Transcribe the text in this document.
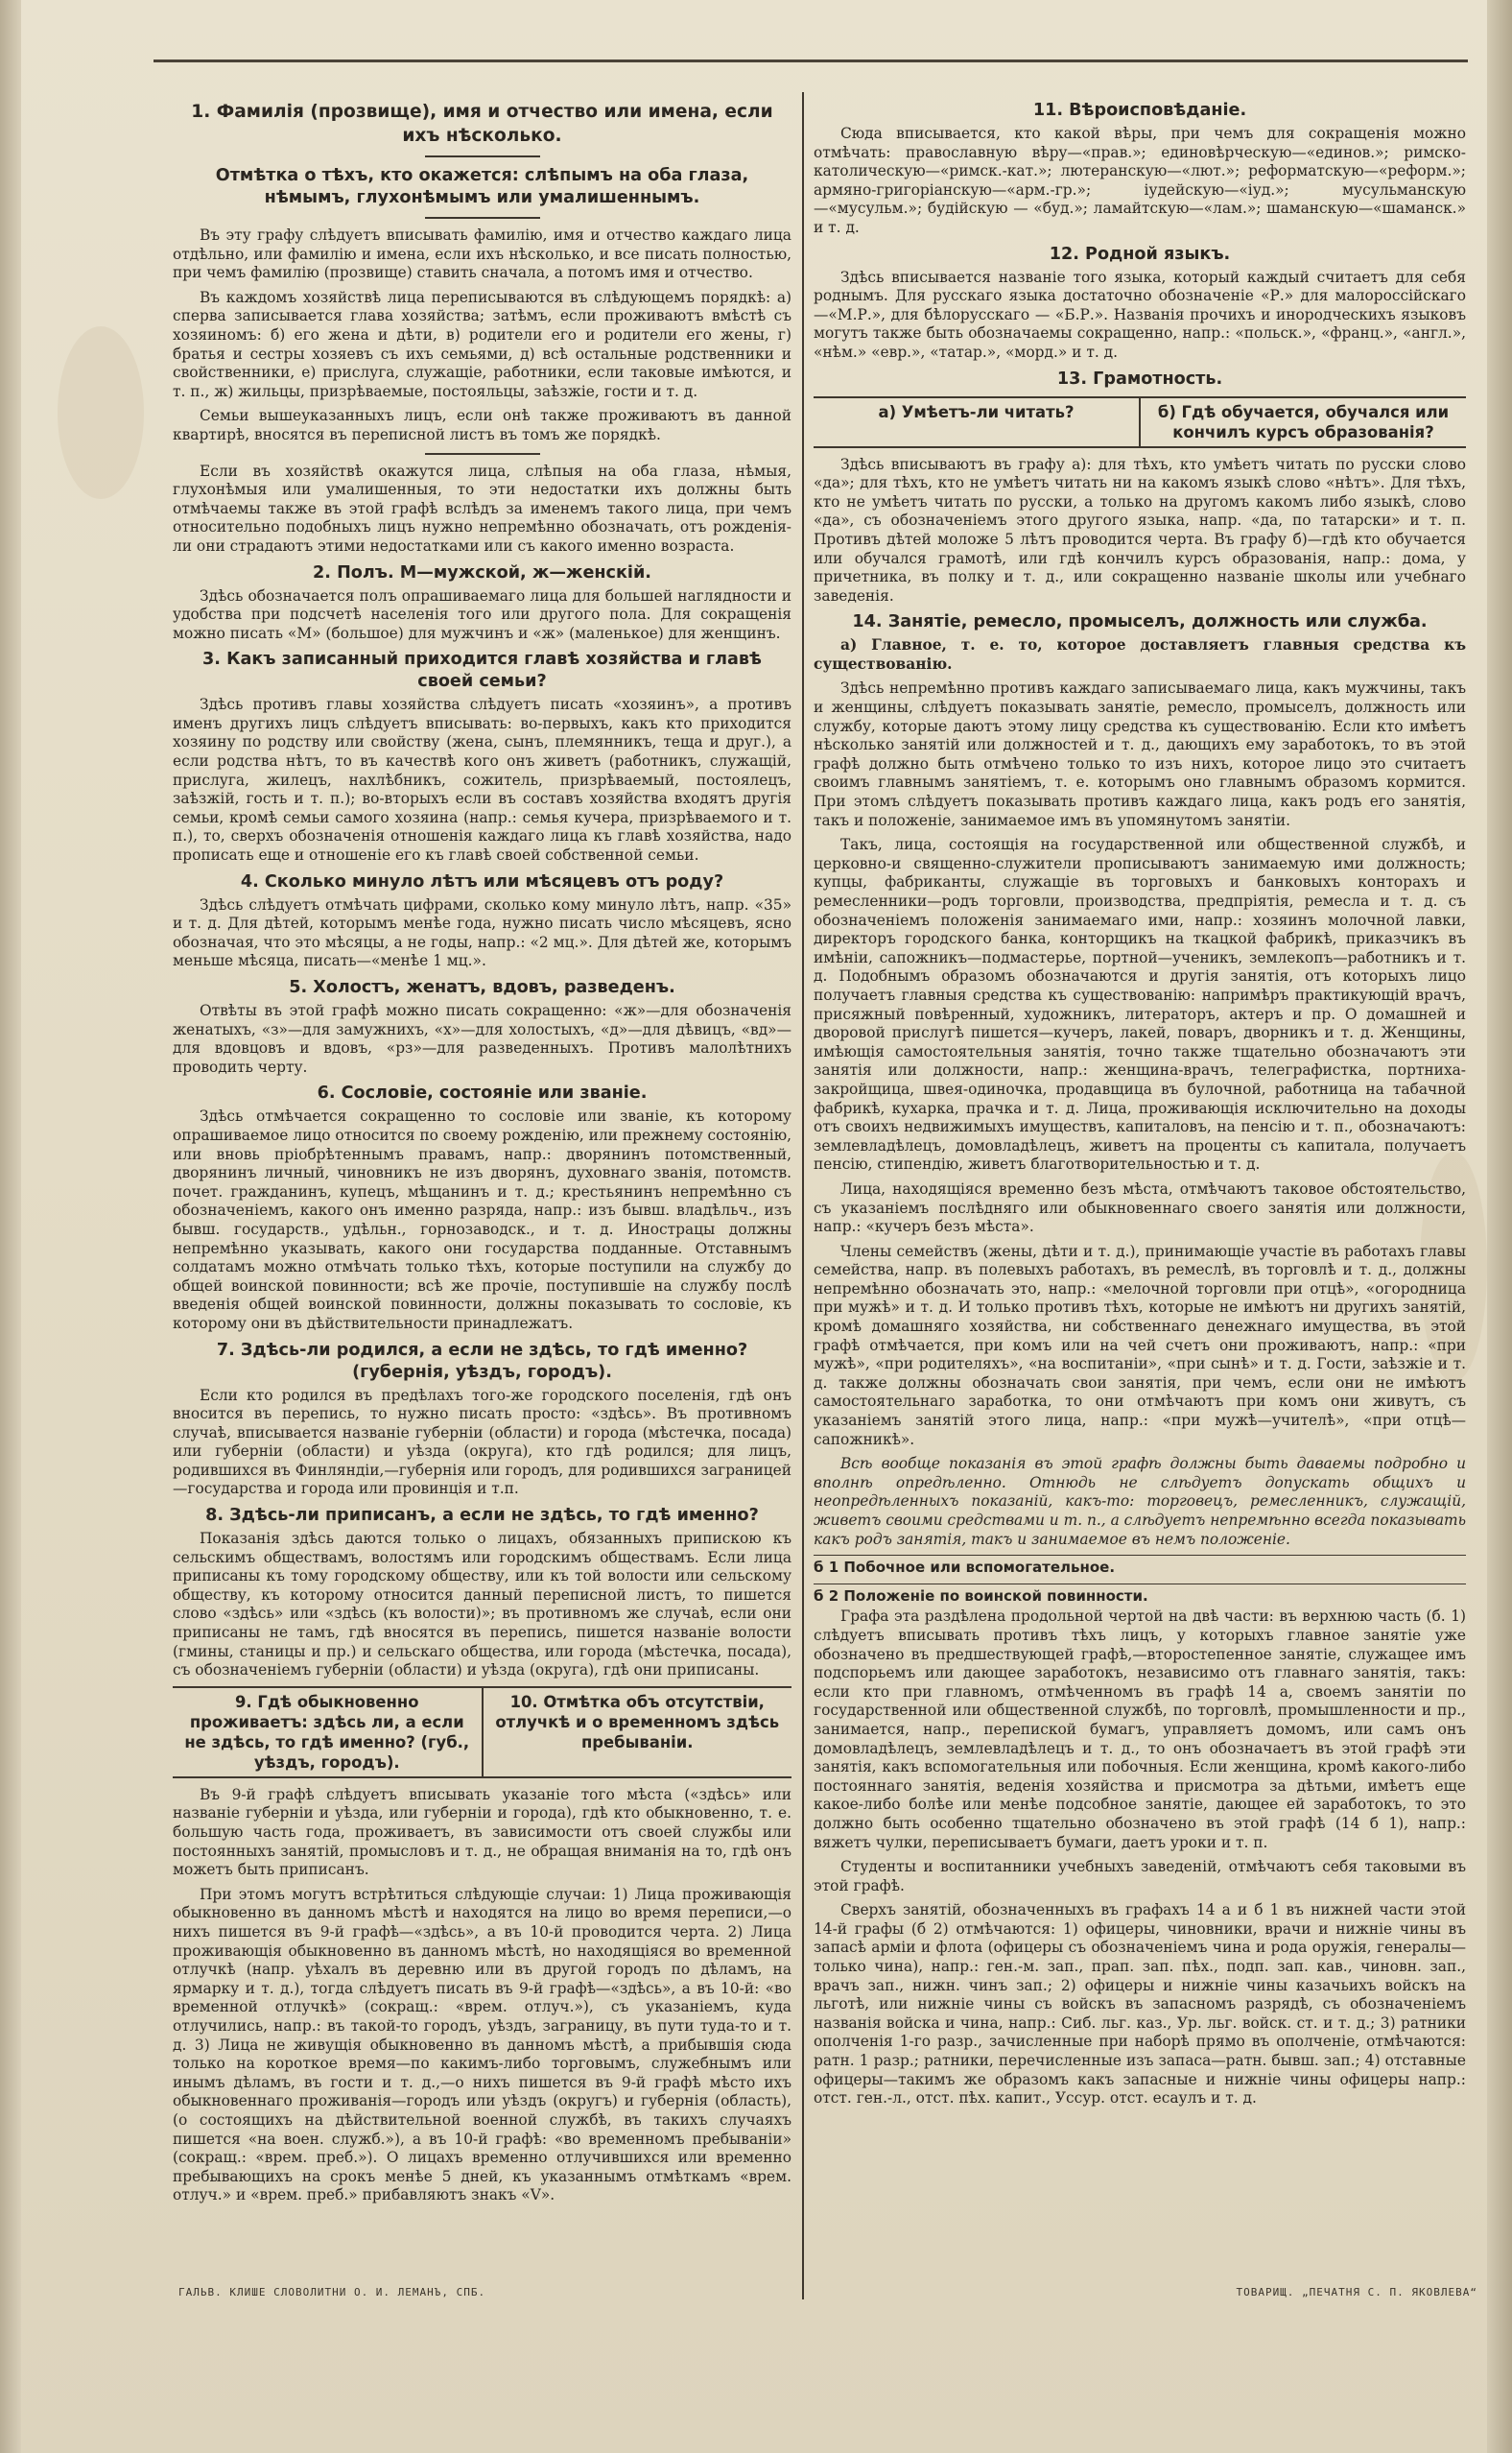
1. Фамилія (прозвище), имя и отчество или имена, если ихъ нѣсколько.
Отмѣтка о тѣхъ, кто окажется: слѣпымъ на оба глаза, нѣмымъ, глухонѣмымъ или умалишеннымъ.

Въ эту графу слѣдуетъ вписывать фамилію, имя и отчество каждаго лица отдѣльно, или фамилію и имена, если ихъ нѣсколько, и все писать полностью, при чемъ фамилію (прозвище) ставить сначала, а потомъ имя и отчество.

Въ каждомъ хозяйствѣ лица переписываются въ слѣдующемъ порядкѣ: а) сперва записывается глава хозяйства; затѣмъ, если проживаютъ вмѣстѣ съ хозяиномъ: б) его жена и дѣти, в) родители его и родители его жены, г) братья и сестры хозяевъ съ ихъ семьями, д) всѣ остальные родственники и свойственники, е) прислуга, служащіе, работники, если таковые имѣются, и т. п., ж) жильцы, призрѣваемые, постояльцы, заѣзжіе, гости и т. д.

Семьи вышеуказанныхъ лицъ, если онѣ также проживаютъ въ данной квартирѣ, вносятся въ переписной листъ въ томъ же порядкѣ.

Если въ хозяйствѣ окажутся лица, слѣпыя на оба глаза, нѣмыя, глухонѣмыя или умалишенныя, то эти недостатки ихъ должны быть отмѣчаемы также въ этой графѣ вслѣдъ за именемъ такого лица, при чемъ относительно подобныхъ лицъ нужно непремѣнно обозначать, отъ рожденія-ли они страдаютъ этими недостатками или съ какого именно возраста.

2. Полъ. М—мужской, ж—женскій.

Здѣсь обозначается полъ опрашиваемаго лица для большей наглядности и удобства при подсчетѣ населенія того или другого пола. Для сокращенія можно писать «М» (большое) для мужчинъ и «ж» (маленькое) для женщинъ.

3. Какъ записанный приходится главѣ хозяйства и главѣ своей семьи?

Здѣсь противъ главы хозяйства слѣдуетъ писать «хозяинъ», а противъ именъ другихъ лицъ слѣдуетъ вписывать: во-первыхъ, какъ кто приходится хозяину по родству или свойству (жена, сынъ, племянникъ, теща и друг.), а если родства нѣтъ, то въ качествѣ кого онъ живетъ (работникъ, служащій, прислуга, жилецъ, нахлѣбникъ, сожитель, призрѣваемый, постоялецъ, заѣзжій, гость и т. п.); во-вторыхъ если въ составъ хозяйства входятъ другія семьи, кромѣ семьи самого хозяина (напр.: семья кучера, призрѣваемого и т. п.), то, сверхъ обозначенія отношенія каждаго лица къ главѣ хозяйства, надо прописать еще и отношеніе его къ главѣ своей собственной семьи.

4. Сколько минуло лѣтъ или мѣсяцевъ отъ роду?

Здѣсь слѣдуетъ отмѣчать цифрами, сколько кому минуло лѣтъ, напр. «35» и т. д. Для дѣтей, которымъ менѣе года, нужно писать число мѣсяцевъ, ясно обозначая, что это мѣсяцы, а не годы, напр.: «2 мц.». Для дѣтей же, которымъ меньше мѣсяца, писать—«менѣе 1 мц.».

5. Холостъ, женатъ, вдовъ, разведенъ.

Отвѣты въ этой графѣ можно писать сокращенно: «ж»—для обозначенія женатыхъ, «з»—для замужнихъ, «х»—для холостыхъ, «д»—для дѣвицъ, «вд»—для вдовцовъ и вдовъ, «рз»—для разведенныхъ. Противъ малолѣтнихъ проводить черту.

6. Сословіе, состояніе или званіе.

Здѣсь отмѣчается сокращенно то сословіе или званіе, къ которому опрашиваемое лицо относится по своему рожденію, или прежнему состоянію, или вновь пріобрѣтеннымъ правамъ, напр.: дворянинъ потомственный, дворянинъ личный, чиновникъ не изъ дворянъ, духовнаго званія, потомств. почет. гражданинъ, купецъ, мѣщанинъ и т. д.; крестьянинъ непремѣнно съ обозначеніемъ, какого онъ именно разряда, напр.: изъ бывш. владѣльч., изъ бывш. государств., удѣльн., горнозаводск., и т. д. Инострацы должны непремѣнно указывать, какого они государства подданные. Отставнымъ солдатамъ можно отмѣчать только тѣхъ, которые поступили на службу до общей воинской повинности; всѣ же прочіе, поступившіе на службу послѣ введенія общей воинской повинности, должны показывать то сословіе, къ которому они въ дѣйствительности принадлежатъ.

7. Здѣсь-ли родился, а если не здѣсь, то гдѣ именно? (губернія, уѣздъ, городъ).

Если кто родился въ предѣлахъ того-же городского поселенія, гдѣ онъ вносится въ перепись, то нужно писать просто: «здѣсь». Въ противномъ случаѣ, вписывается названіе губерніи (области) и города (мѣстечка, посада) или губерніи (области) и уѣзда (округа), кто гдѣ родился; для лицъ, родившихся въ Финляндіи,—губернія или городъ, для родившихся заграницей—государства и города или провинція и т.п.

8. Здѣсь-ли приписанъ, а если не здѣсь, то гдѣ именно?

Показанія здѣсь даются только о лицахъ, обязанныхъ припискою къ сельскимъ обществамъ, волостямъ или городскимъ обществамъ. Если лица приписаны къ тому городскому обществу, или къ той волости или сельскому обществу, къ которому относится данный переписной листъ, то пишется слово «здѣсь» или «здѣсь (къ волости)»; въ противномъ же случаѣ, если они приписаны не тамъ, гдѣ вносятся въ перепись, пишется названіе волости (гмины, станицы и пр.) и сельскаго общества, или города (мѣстечка, посада), съ обозначеніемъ губерніи (области) и уѣзда (округа), гдѣ они приписаны.

9. Гдѣ обыкновенно проживаетъ: здѣсь ли, а если не здѣсь, то гдѣ именно? (губ., уѣздъ, городъ).
10. Отмѣтка объ отсутствіи, отлучкѣ и о временномъ здѣсь пребываніи.

Въ 9-й графѣ слѣдуетъ вписывать указаніе того мѣста («здѣсь» или названіе губерніи и уѣзда, или губерніи и города), гдѣ кто обыкновенно, т. е. большую часть года, проживаетъ, въ зависимости отъ своей службы или постоянныхъ занятій, промысловъ и т. д., не обращая вниманія на то, гдѣ онъ можетъ быть приписанъ.

При этомъ могутъ встрѣтиться слѣдующіе случаи: 1) Лица проживающія обыкновенно въ данномъ мѣстѣ и находятся на лицо во время переписи,—о нихъ пишется въ 9-й графѣ—«здѣсь», а въ 10-й проводится черта. 2) Лица проживающія обыкновенно въ данномъ мѣстѣ, но находящіяся во временной отлучкѣ (напр. уѣхалъ въ деревню или въ другой городъ по дѣламъ, на ярмарку и т. д.), тогда слѣдуетъ писать въ 9-й графѣ—«здѣсь», а въ 10-й: «во временной отлучкѣ» (сокращ.: «врем. отлуч.»), съ указаніемъ, куда отлучились, напр.: въ такой-то городъ, уѣздъ, заграницу, въ пути туда-то и т. д. 3) Лица не живущія обыкновенно въ данномъ мѣстѣ, а прибывшія сюда только на короткое время—по какимъ-либо торговымъ, служебнымъ или инымъ дѣламъ, въ гости и т. д.,—о нихъ пишется въ 9-й графѣ мѣсто ихъ обыкновеннаго проживанія—городъ или уѣздъ (округъ) и губернія (область), (о состоящихъ на дѣйствительной военной службѣ, въ такихъ случаяхъ пишется «на воен. служб.»), а въ 10-й графѣ: «во временномъ пребываніи» (сокращ.: «врем. преб.»). О лицахъ временно отлучившихся или временно пребывающихъ на срокъ менѣе 5 дней, къ указаннымъ отмѣткамъ «врем. отлуч.» и «врем. преб.» прибавляютъ знакъ «V».

11. Вѣроисповѣданіе.

Сюда вписывается, кто какой вѣры, при чемъ для сокращенія можно отмѣчать: православную вѣру—«прав.»; единовѣрческую—«единов.»; римско-католическую—«римск.-кат.»; лютеранскую—«лют.»; реформатскую—«реформ.»; армяно-григоріанскую—«арм.-гр.»; іудейскую—«іуд.»; мусульманскую—«мусульм.»; будійскую — «буд.»; ламайтскую—«лам.»; шаманскую—«шаманск.» и т. д.

12. Родной языкъ.

Здѣсь вписывается названіе того языка, который каждый считаетъ для себя роднымъ. Для русскаго языка достаточно обозначеніе «Р.» для малороссійскаго—«М.Р.», для бѣлорусскаго — «Б.Р.». Названія прочихъ и инородческихъ языковъ могутъ также быть обозначаемы сокращенно, напр.: «польск.», «франц.», «англ.», «нѣм.» «евр.», «татар.», «морд.» и т. д.

13. Грамотность.
а) Умѣетъ-ли читать?	б) Гдѣ обучается, обучался или кончилъ курсъ образованія?

Здѣсь вписываютъ въ графу а): для тѣхъ, кто умѣетъ читать по русски слово «да»; для тѣхъ, кто не умѣетъ читать ни на какомъ языкѣ слово «нѣтъ». Для тѣхъ, кто не умѣетъ читать по русски, а только на другомъ какомъ либо языкѣ, слово «да», съ обозначеніемъ этого другого языка, напр. «да, по татарски» и т. п. Противъ дѣтей моложе 5 лѣтъ проводится черта. Въ графу б)—гдѣ кто обучается или обучался грамотѣ, или гдѣ кончилъ курсъ образованія, напр.: дома, у причетника, въ полку и т. д., или сокращенно названіе школы или учебнаго заведенія.

14. Занятіе, ремесло, промыселъ, должность или служба.

а) Главное, т. е. то, которое доставляетъ главныя средства къ существованію.

Здѣсь непремѣнно противъ каждаго записываемаго лица, какъ мужчины, такъ и женщины, слѣдуетъ показывать занятіе, ремесло, промыселъ, должность или службу, которые даютъ этому лицу средства къ существованію. Если кто имѣетъ нѣсколько занятій или должностей и т. д., дающихъ ему заработокъ, то въ этой графѣ должно быть отмѣчено только то изъ нихъ, которое лицо это считаетъ своимъ главнымъ занятіемъ, т. е. которымъ оно главнымъ образомъ кормится. При этомъ слѣдуетъ показывать противъ каждаго лица, какъ родъ его занятія, такъ и положеніе, занимаемое имъ въ упомянутомъ занятіи.

Такъ, лица, состоящія на государственной или общественной службѣ, и церковно-и священно-служители прописываютъ занимаемую ими должность; купцы, фабриканты, служащіе въ торговыхъ и банковыхъ конторахъ и ремесленники—родъ торговли, производства, предпріятія, ремесла и т. д. съ обозначеніемъ положенія занимаемаго ими, напр.: хозяинъ молочной лавки, директоръ городского банка, конторщикъ на ткацкой фабрикѣ, приказчикъ въ имѣніи, сапожникъ—подмастерье, портной—ученикъ, землекопъ—работникъ и т. д. Подобнымъ образомъ обозначаются и другія занятія, отъ которыхъ лицо получаетъ главныя средства къ существованію: напримѣръ практикующій врачъ, присяжный повѣренный, художникъ, литераторъ, актеръ и пр. О домашней и дворовой прислугѣ пишется—кучеръ, лакей, поваръ, дворникъ и т. д. Женщины, имѣющія самостоятельныя занятія, точно также тщательно обозначаютъ эти занятія или должности, напр.: женщина-врачъ, телеграфистка, портниха-закройщица, швея-одиночка, продавщица въ булочной, работница на табачной фабрикѣ, кухарка, прачка и т. д. Лица, проживающія исключительно на доходы отъ своихъ недвижимыхъ имуществъ, капиталовъ, на пенсію и т. п., обозначаютъ: землевладѣлецъ, домовладѣлецъ, живетъ на проценты съ капитала, получаетъ пенсію, стипендію, живетъ благотворительностью и т. д.

Лица, находящіяся временно безъ мѣста, отмѣчаютъ таковое обстоятельство, съ указаніемъ послѣдняго или обыкновеннаго своего занятія или должности, напр.: «кучеръ безъ мѣста».

Члены семействъ (жены, дѣти и т. д.), принимающіе участіе въ работахъ главы семейства, напр. въ полевыхъ работахъ, въ ремеслѣ, въ торговлѣ и т. д., должны непремѣнно обозначать это, напр.: «мелочной торговли при отцѣ», «огородница при мужѣ» и т. д. И только противъ тѣхъ, которые не имѣютъ ни другихъ занятій, кромѣ домашняго хозяйства, ни собственнаго денежнаго имущества, въ этой графѣ отмѣчается, при комъ или на чей счетъ они проживаютъ, напр.: «при мужѣ», «при родителяхъ», «на воспитаніи», «при сынѣ» и т. д. Гости, заѣзжіе и т. д. также должны обозначать свои занятія, при чемъ, если они не имѣютъ самостоятельнаго заработка, то они отмѣчаютъ при комъ они живутъ, съ указаніемъ занятій этого лица, напр.: «при мужѣ—учителѣ», «при отцѣ—сапожникѣ».

Всѣ вообще показанія въ этой графѣ должны быть даваемы подробно и вполнѣ опредѣленно. Отнюдь не слѣдуетъ допускать общихъ и неопредѣленныхъ показаній, какъ-то: торговецъ, ремесленникъ, служащій, живетъ своими средствами и т. п., а слѣдуетъ непремѣнно всегда показывать какъ родъ занятія, такъ и занимаемое въ немъ положеніе.

б 1 Побочное или вспомогательное.
б 2 Положеніе по воинской повинности.

Графа эта раздѣлена продольной чертой на двѣ части: въ верхнюю часть (б. 1) слѣдуетъ вписывать противъ тѣхъ лицъ, у которыхъ главное занятіе уже обозначено въ предшествующей графѣ,—второстепенное занятіе, служащее имъ подспорьемъ или дающее заработокъ, независимо отъ главнаго занятія, такъ: если кто при главномъ, отмѣченномъ въ графѣ 14 а, своемъ занятіи по государственной или общественной службѣ, по торговлѣ, промышленности и пр., занимается, напр., перепиской бумагъ, управляетъ домомъ, или самъ онъ домовладѣлецъ, землевладѣлецъ и т. д., то онъ обозначаетъ въ этой графѣ эти занятія, какъ вспомогательныя или побочныя. Если женщина, кромѣ какого-либо постояннаго занятія, веденія хозяйства и присмотра за дѣтьми, имѣетъ еще какое-либо болѣе или менѣе подсобное занятіе, дающее ей заработокъ, то это должно быть особенно тщательно обозначено въ этой графѣ (14 б 1), напр.: вяжетъ чулки, переписываетъ бумаги, даетъ уроки и т. п.

Студенты и воспитанники учебныхъ заведеній, отмѣчаютъ себя таковыми въ этой графѣ.

Сверхъ занятій, обозначенныхъ въ графахъ 14 а и б 1 въ нижней части этой 14-й графы (б 2) отмѣчаются: 1) офицеры, чиновники, врачи и нижніе чины въ запасѣ арміи и флота (офицеры съ обозначеніемъ чина и рода оружія, генералы—только чина), напр.: ген.-м. зап., прап. зап. пѣх., подп. зап. кав., чиновн. зап., врачъ зап., нижн. чинъ зап.; 2) офицеры и нижніе чины казачьихъ войскъ на льготѣ, или нижніе чины съ войскъ въ запасномъ разрядѣ, съ обозначеніемъ названія войска и чина, напр.: Сиб. льг. каз., Ур. льг. войск. ст. и т. д.; 3) ратники ополченія 1-го разр., зачисленные при наборѣ прямо въ ополченіе, отмѣчаются: ратн. 1 разр.; ратники, перечисленные изъ запаса—ратн. бывш. зап.; 4) отставные офицеры—такимъ же образомъ какъ запасные и нижніе чины офицеры напр.: отст. ген.-л., отст. пѣх. капит., Уссур. отст. есаулъ и т. д.

ГАЛЬВ. КЛИШЕ СЛОВОЛИТНИ О. И. ЛЕМАНЪ, СПБ.	ТОВАРИЩ. „ПЕЧАТНЯ С. П. ЯКОВЛЕВА“
